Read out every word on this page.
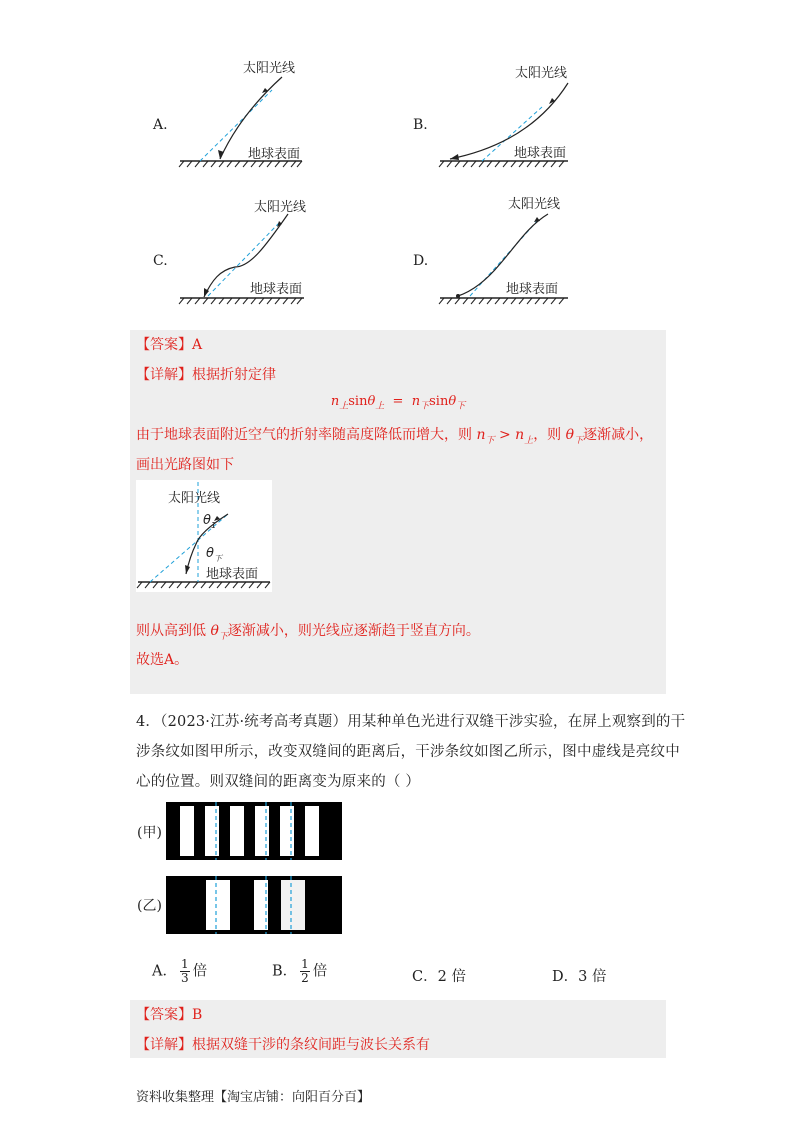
A.
太阳光线
地球表面
B.
太阳光线
地球表面
C.
太阳光线
地球表面
D.
太阳光线
地球表面
【答案】A
【详解】根据折射定律
$n_上\sin\theta_上 = n_下\sin\theta_下$
由于地球表面附近空气的折射率随高度降低而增大，则 $n_下 > n_上$，则 $\theta_下$逐渐减小，
画出光路图如下
太阳光线
$\theta_1$
$\theta_下$
地球表面
则从高到低 $\theta_下$逐渐减小，则光线应逐渐趋于竖直方向。
故选A。
4．（2023·江苏·统考高考真题）用某种单色光进行双缝干涉实验，在屏上观察到的干
涉条纹如图甲所示，改变双缝间的距离后，干涉条纹如图乙所示，图中虚线是亮纹中
心的位置。则双缝间的距离变为原来的（ ）
(甲)
(乙)
A． $\frac{1}{3}$ 倍	B． $\frac{1}{2}$ 倍	C．2 倍	D．3 倍
【答案】B
【详解】根据双缝干涉的条纹间距与波长关系有
资料收集整理【淘宝店铺：向阳百分百】
